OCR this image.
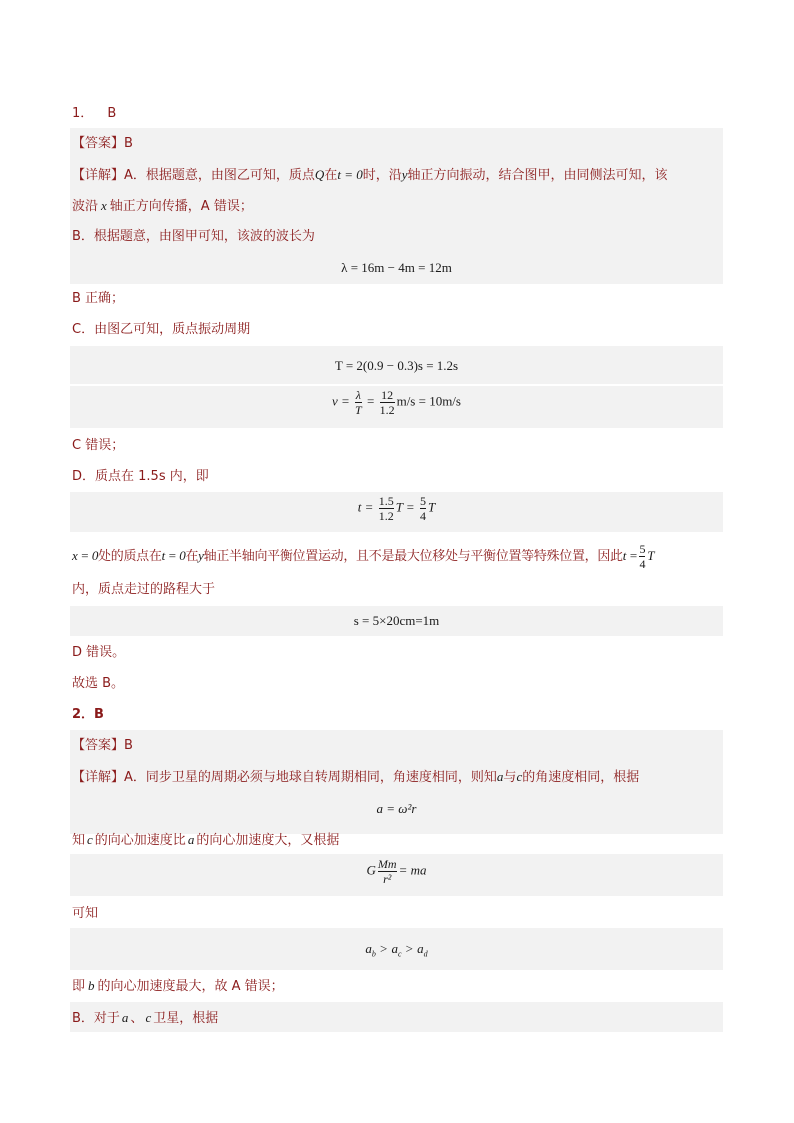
1． B
【答案】B
【详解】A．根据题意，由图乙可知，质点Q在t = 0时，沿y轴正方向振动，结合图甲，由同侧法可知，该
波沿 x 轴正方向传播，A 错误；
B．根据题意，由图甲可知，该波的波长为
λ = 16m − 4m = 12m
B 正确；
C．由图乙可知，质点振动周期
T = 2(0.9 − 0.3)s = 1.2s
$v = \frac{\lambda}{T} = \frac{12}{1.2} m/s = 10m/s$
C 错误；
D．质点在 1.5s 内，即
$t = \frac{1.5}{1.2}$ $T = \frac{5}{4}$ T
x = 0处的质点在t = 0在y轴正半轴向平衡位置运动，且不是最大位移处与平衡位置等特殊位置，因此$t = \frac{5}{4}$ T
内，质点走过的路程大于
s = 5×20cm=1m
D 错误。
故选 B。
2．B
【答案】B
【详解】A．同步卫星的周期必须与地球自转周期相同，角速度相同，则知a与c的角速度相同，根据
a = ω²r
知 c 的向心加速度比 a 的向心加速度大，又根据
G $\frac{Mm}{\text{r²}}$ = ma
可知
$a_b > a_c > a_d$
即 b 的向心加速度最大，故 A 错误；
B．对于 a 、 c 卫星，根据
